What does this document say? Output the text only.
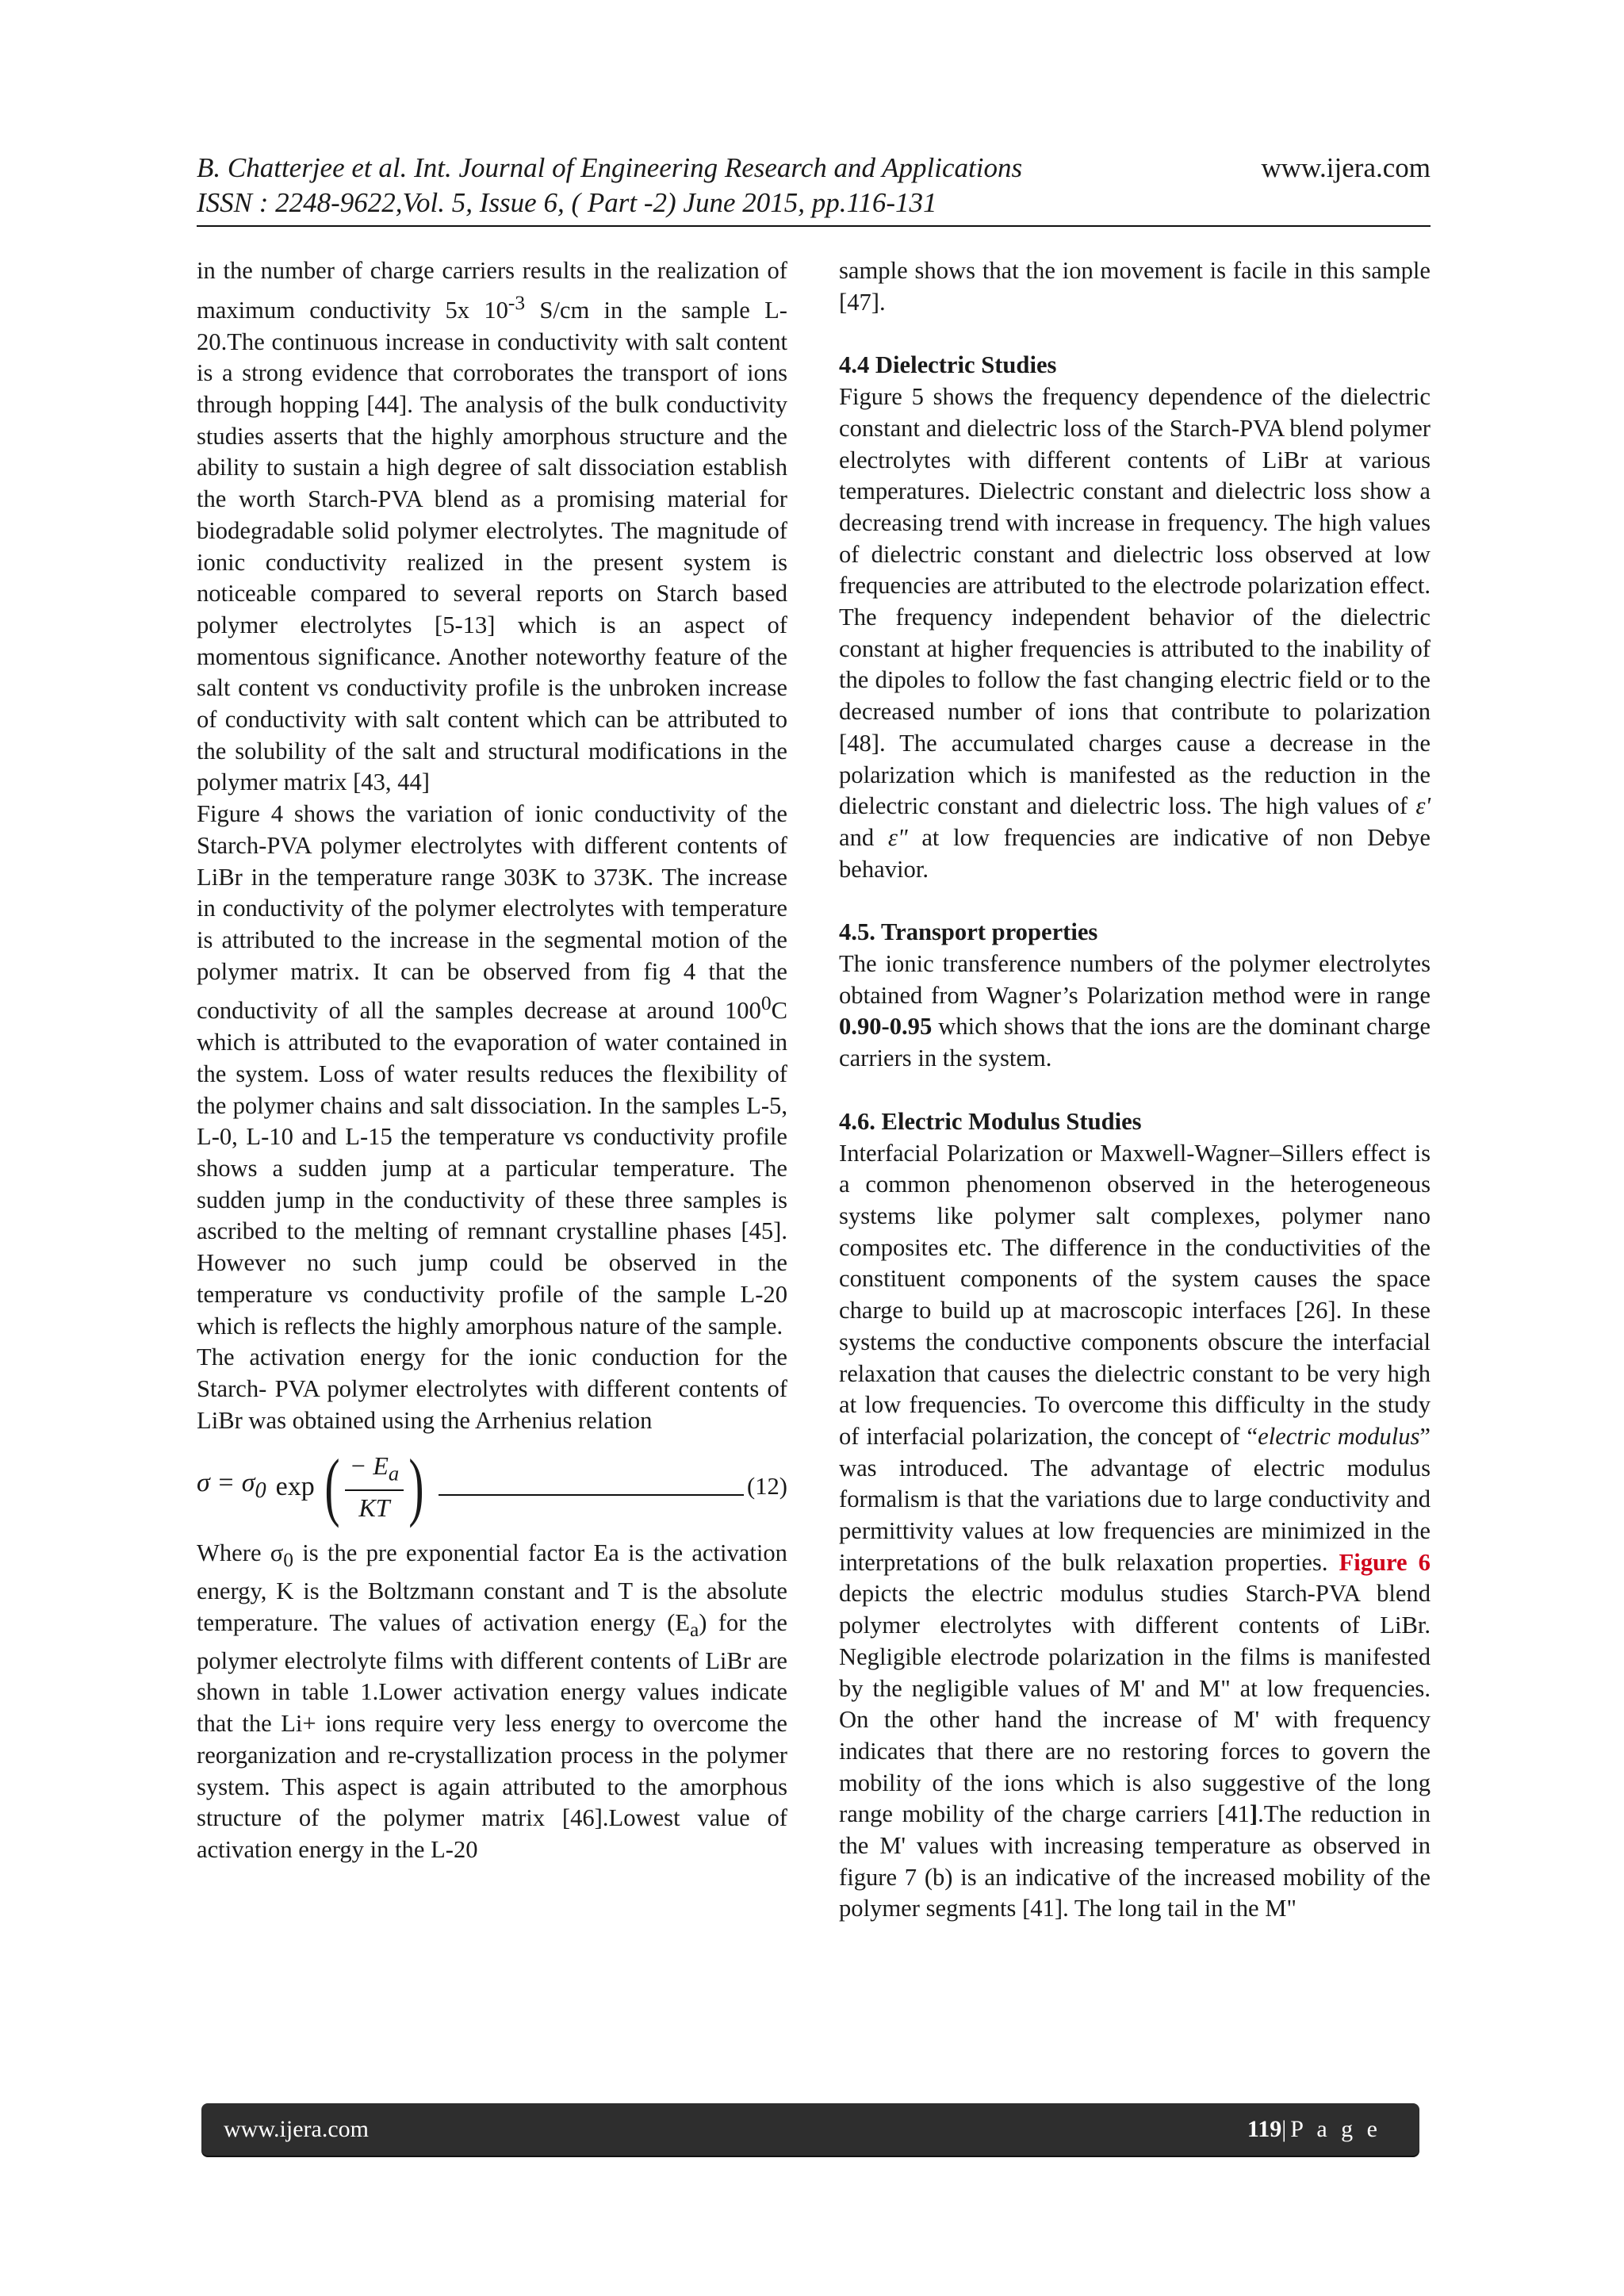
B. Chatterjee et al. Int. Journal of Engineering Research and Applications	www.ijera.com
ISSN : 2248-9622,Vol. 5, Issue 6, ( Part -2) June 2015, pp.116-131

in the number of charge carriers results in the realization of maximum conductivity 5x $10^{-3}$ S/cm in the sample L-20.The continuous increase in conductivity with salt content is a strong evidence that corroborates the transport of ions through hopping [44]. The analysis of the bulk conductivity studies asserts that the highly amorphous structure and the ability to sustain a high degree of salt dissociation establish the worth Starch-PVA blend as a promising material for biodegradable solid polymer electrolytes. The magnitude of ionic conductivity realized in the present system is noticeable compared to several reports on Starch based polymer electrolytes [5-13] which is an aspect of momentous significance. Another noteworthy feature of the salt content vs conductivity profile is the unbroken increase of conductivity with salt content which can be attributed to the solubility of the salt and structural modifications in the polymer matrix [43, 44]

Figure 4 shows the variation of ionic conductivity of the Starch-PVA polymer electrolytes with different contents of LiBr in the temperature range 303K to 373K. The increase in conductivity of the polymer electrolytes with temperature is attributed to the increase in the segmental motion of the polymer matrix. It can be observed from fig 4 that the conductivity of all the samples decrease at around $100^0C$ which is attributed to the evaporation of water contained in the system. Loss of water results reduces the flexibility of the polymer chains and salt dissociation. In the samples L-5, L-0, L-10 and L-15 the temperature vs conductivity profile shows a sudden jump at a particular temperature. The sudden jump in the conductivity of these three samples is ascribed to the melting of remnant crystalline phases [45]. However no such jump could be observed in the temperature vs conductivity profile of the sample L-20 which is reflects the highly amorphous nature of the sample.

The activation energy for the ionic conduction for the Starch- PVA polymer electrolytes with different contents of LiBr was obtained using the Arrhenius relation

$\sigma = \sigma_0$ exp ( $\frac{- E_a}{KT}$ )	(12)

Where $\sigma_0$ is the pre exponential factor Ea is the activation energy, K is the Boltzmann constant and T is the absolute temperature. The values of activation energy $(E_a)$ for the polymer electrolyte films with different contents of LiBr are shown in table 1.Lower activation energy values indicate that the Li+ ions require very less energy to overcome the reorganization and re-crystallization process in the polymer system. This aspect is again attributed to the amorphous structure of the polymer matrix [46].Lowest value of activation energy in the L-20

sample shows that the ion movement is facile in this sample [47].

4.4 Dielectric Studies

Figure 5 shows the frequency dependence of the dielectric constant and dielectric loss of the Starch-PVA blend polymer electrolytes with different contents of LiBr at various temperatures. Dielectric constant and dielectric loss show a decreasing trend with increase in frequency. The high values of dielectric constant and dielectric loss observed at low frequencies are attributed to the electrode polarization effect. The frequency independent behavior of the dielectric constant at higher frequencies is attributed to the inability of the dipoles to follow the fast changing electric field or to the decreased number of ions that contribute to polarization [48]. The accumulated charges cause a decrease in the polarization which is manifested as the reduction in the dielectric constant and dielectric loss. The high values of ε' and ε" at low frequencies are indicative of non Debye behavior.

4.5. Transport properties

The ionic transference numbers of the polymer electrolytes obtained from Wagner’s Polarization method were in range 0.90-0.95 which shows that the ions are the dominant charge carriers in the system.

4.6. Electric Modulus Studies

Interfacial Polarization or Maxwell-Wagner–Sillers effect is a common phenomenon observed in the heterogeneous systems like polymer salt complexes, polymer nano composites etc. The difference in the conductivities of the constituent components of the system causes the space charge to build up at macroscopic interfaces [26]. In these systems the conductive components obscure the interfacial relaxation that causes the dielectric constant to be very high at low frequencies. To overcome this difficulty in the study of interfacial polarization, the concept of “electric modulus” was introduced. The advantage of electric modulus formalism is that the variations due to large conductivity and permittivity values at low frequencies are minimized in the interpretations of the bulk relaxation properties. Figure 6 depicts the electric modulus studies Starch-PVA blend polymer electrolytes with different contents of LiBr. Negligible electrode polarization in the films is manifested by the negligible values of M' and M" at low frequencies. On the other hand the increase of M' with frequency indicates that there are no restoring forces to govern the mobility of the ions which is also suggestive of the long range mobility of the charge carriers [41].The reduction in the M' values with increasing temperature as observed in figure 7 (b) is an indicative of the increased mobility of the polymer segments [41]. The long tail in the M"

www.ijera.com	119|P a g e
